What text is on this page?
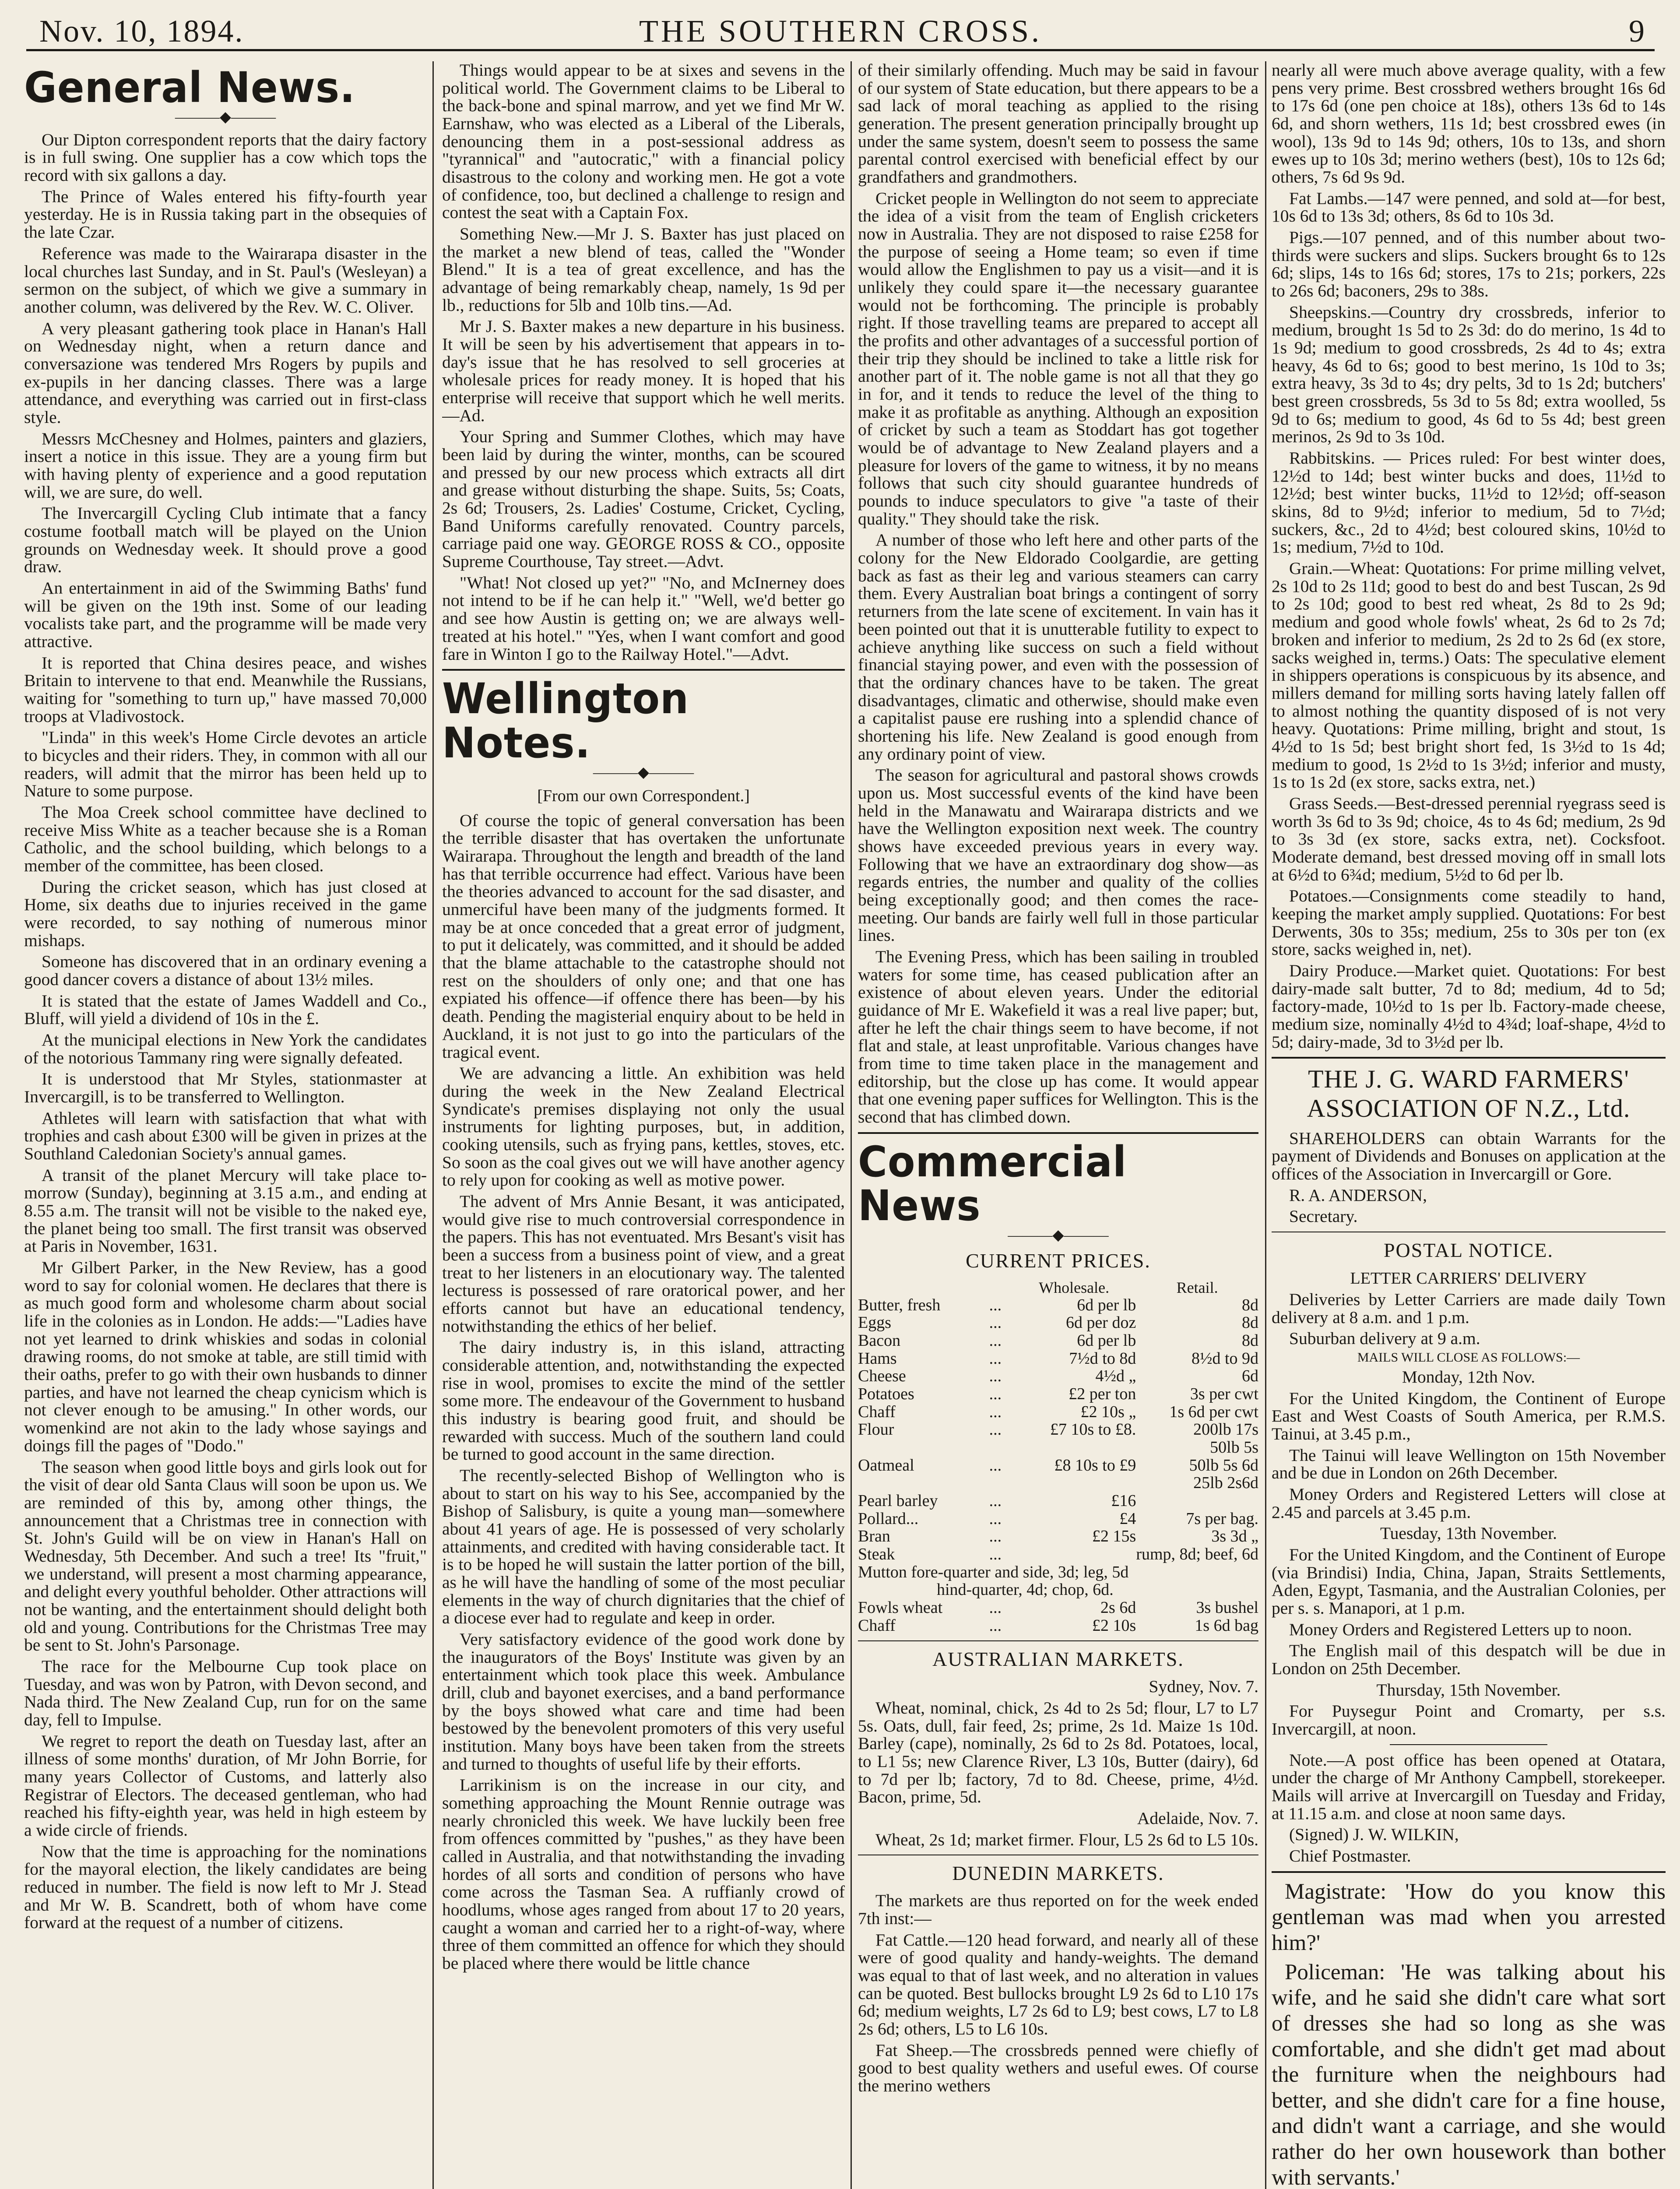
Nov. 10, 1894.	THE SOUTHERN CROSS.	9
General News.
———◆———

Our Dipton correspondent reports that the dairy factory is in full swing. One supplier has a cow which tops the record with six gallons a day.

The Prince of Wales entered his fifty-fourth year yesterday. He is in Russia taking part in the obsequies of the late Czar.

Reference was made to the Wairarapa disaster in the local churches last Sunday, and in St. Paul's (Wesleyan) a sermon on the subject, of which we give a summary in another column, was delivered by the Rev. W. C. Oliver.

A very pleasant gathering took place in Hanan's Hall on Wednesday night, when a return dance and conversazione was tendered Mrs Rogers by pupils and ex-pupils in her dancing classes. There was a large attendance, and everything was carried out in first-class style.

Messrs McChesney and Holmes, painters and glaziers, insert a notice in this issue. They are a young firm but with having plenty of experience and a good reputation will, we are sure, do well.

The Invercargill Cycling Club intimate that a fancy costume football match will be played on the Union grounds on Wednesday week. It should prove a good draw.

An entertainment in aid of the Swimming Baths' fund will be given on the 19th inst. Some of our leading vocalists take part, and the programme will be made very attractive.

It is reported that China desires peace, and wishes Britain to intervene to that end. Meanwhile the Russians, waiting for "something to turn up," have massed 70,000 troops at Vladivostock.

"Linda" in this week's Home Circle devotes an article to bicycles and their riders. They, in common with all our readers, will admit that the mirror has been held up to Nature to some purpose.

The Moa Creek school committee have declined to receive Miss White as a teacher because she is a Roman Catholic, and the school building, which belongs to a member of the committee, has been closed.

During the cricket season, which has just closed at Home, six deaths due to injuries received in the game were recorded, to say nothing of numerous minor mishaps.

Someone has discovered that in an ordinary evening a good dancer covers a distance of about 13½ miles.

It is stated that the estate of James Waddell and Co., Bluff, will yield a dividend of 10s in the £.

At the municipal elections in New York the candidates of the notorious Tammany ring were signally defeated.

It is understood that Mr Styles, stationmaster at Invercargill, is to be transferred to Wellington.

Athletes will learn with satisfaction that what with trophies and cash about £300 will be given in prizes at the Southland Caledonian Society's annual games.

A transit of the planet Mercury will take place to-morrow (Sunday), beginning at 3.15 a.m., and ending at 8.55 a.m. The transit will not be visible to the naked eye, the planet being too small. The first transit was observed at Paris in November, 1631.

Mr Gilbert Parker, in the New Review, has a good word to say for colonial women. He declares that there is as much good form and wholesome charm about social life in the colonies as in London. He adds:—"Ladies have not yet learned to drink whiskies and sodas in colonial drawing rooms, do not smoke at table, are still timid with their oaths, prefer to go with their own husbands to dinner parties, and have not learned the cheap cynicism which is not clever enough to be amusing." In other words, our womenkind are not akin to the lady whose sayings and doings fill the pages of "Dodo."

The season when good little boys and girls look out for the visit of dear old Santa Claus will soon be upon us. We are reminded of this by, among other things, the announcement that a Christmas tree in connection with St. John's Guild will be on view in Hanan's Hall on Wednesday, 5th December. And such a tree! Its "fruit," we understand, will present a most charming appearance, and delight every youthful beholder. Other attractions will not be wanting, and the entertainment should delight both old and young. Contributions for the Christmas Tree may be sent to St. John's Parsonage.

The race for the Melbourne Cup took place on Tuesday, and was won by Patron, with Devon second, and Nada third. The New Zealand Cup, run for on the same day, fell to Impulse.

We regret to report the death on Tuesday last, after an illness of some months' duration, of Mr John Borrie, for many years Collector of Customs, and latterly also Registrar of Electors. The deceased gentleman, who had reached his fifty-eighth year, was held in high esteem by a wide circle of friends.

Now that the time is approaching for the nominations for the mayoral election, the likely candidates are being reduced in number. The field is now left to Mr J. Stead and Mr W. B. Scandrett, both of whom have come forward at the request of a number of citizens.

Things would appear to be at sixes and sevens in the political world. The Government claims to be Liberal to the back-bone and spinal marrow, and yet we find Mr W. Earnshaw, who was elected as a Liberal of the Liberals, denouncing them in a post-sessional address as "tyrannical" and "autocratic," with a financial policy disastrous to the colony and working men. He got a vote of confidence, too, but declined a challenge to resign and contest the seat with a Captain Fox.

Something New.—Mr J. S. Baxter has just placed on the market a new blend of teas, called the "Wonder Blend." It is a tea of great excellence, and has the advantage of being remarkably cheap, namely, 1s 9d per lb., reductions for 5lb and 10lb tins.—Ad.

Mr J. S. Baxter makes a new departure in his business. It will be seen by his advertisement that appears in to-day's issue that he has resolved to sell groceries at wholesale prices for ready money. It is hoped that his enterprise will receive that support which he well merits.—Ad.

Your Spring and Summer Clothes, which may have been laid by during the winter, months, can be scoured and pressed by our new process which extracts all dirt and grease without disturbing the shape. Suits, 5s; Coats, 2s 6d; Trousers, 2s. Ladies' Costume, Cricket, Cycling, Band Uniforms carefully renovated. Country parcels, carriage paid one way. GEORGE ROSS & CO., opposite Supreme Courthouse, Tay street.—Advt.

"What! Not closed up yet?" "No, and McInerney does not intend to be if he can help it." "Well, we'd better go and see how Austin is getting on; we are always well-treated at his hotel." "Yes, when I want comfort and good fare in Winton I go to the Railway Hotel."—Advt.

Wellington Notes.
———◆———
[From our own Correspondent.]

Of course the topic of general conversation has been the terrible disaster that has overtaken the unfortunate Wairarapa. Throughout the length and breadth of the land has that terrible occurrence had effect. Various have been the theories advanced to account for the sad disaster, and unmerciful have been many of the judgments formed. It may be at once conceded that a great error of judgment, to put it delicately, was committed, and it should be added that the blame attachable to the catastrophe should not rest on the shoulders of only one; and that one has expiated his offence—if offence there has been—by his death. Pending the magisterial enquiry about to be held in Auckland, it is not just to go into the particulars of the tragical event.

We are advancing a little. An exhibition was held during the week in the New Zealand Electrical Syndicate's premises displaying not only the usual instruments for lighting purposes, but, in addition, cooking utensils, such as frying pans, kettles, stoves, etc. So soon as the coal gives out we will have another agency to rely upon for cooking as well as motive power.

The advent of Mrs Annie Besant, it was anticipated, would give rise to much controversial correspondence in the papers. This has not eventuated. Mrs Besant's visit has been a success from a business point of view, and a great treat to her listeners in an elocutionary way. The talented lecturess is possessed of rare oratorical power, and her efforts cannot but have an educational tendency, notwithstanding the ethics of her belief.

The dairy industry is, in this island, attracting considerable attention, and, notwithstanding the expected rise in wool, promises to excite the mind of the settler some more. The endeavour of the Government to husband this industry is bearing good fruit, and should be rewarded with success. Much of the southern land could be turned to good account in the same direction.

The recently-selected Bishop of Wellington who is about to start on his way to his See, accompanied by the Bishop of Salisbury, is quite a young man—somewhere about 41 years of age. He is possessed of very scholarly attainments, and credited with having considerable tact. It is to be hoped he will sustain the latter portion of the bill, as he will have the handling of some of the most peculiar elements in the way of church dignitaries that the chief of a diocese ever had to regulate and keep in order.

Very satisfactory evidence of the good work done by the inaugurators of the Boys' Institute was given by an entertainment which took place this week. Ambulance drill, club and bayonet exercises, and a band performance by the boys showed what care and time had been bestowed by the benevolent promoters of this very useful institution. Many boys have been taken from the streets and turned to thoughts of useful life by their efforts.

Larrikinism is on the increase in our city, and something approaching the Mount Rennie outrage was nearly chronicled this week. We have luckily been free from offences committed by "pushes," as they have been called in Australia, and that notwithstanding the invading hordes of all sorts and condition of persons who have come across the Tasman Sea. A ruffianly crowd of hoodlums, whose ages ranged from about 17 to 20 years, caught a woman and carried her to a right-of-way, where three of them committed an offence for which they should be placed where there would be little chance

of their similarly offending. Much may be said in favour of our system of State education, but there appears to be a sad lack of moral teaching as applied to the rising generation. The present generation principally brought up under the same system, doesn't seem to possess the same parental control exercised with beneficial effect by our grandfathers and grandmothers.

Cricket people in Wellington do not seem to appreciate the idea of a visit from the team of English cricketers now in Australia. They are not disposed to raise £258 for the purpose of seeing a Home team; so even if time would allow the Englishmen to pay us a visit—and it is unlikely they could spare it—the necessary guarantee would not be forthcoming. The principle is probably right. If those travelling teams are prepared to accept all the profits and other advantages of a successful portion of their trip they should be inclined to take a little risk for another part of it. The noble game is not all that they go in for, and it tends to reduce the level of the thing to make it as profitable as anything. Although an exposition of cricket by such a team as Stoddart has got together would be of advantage to New Zealand players and a pleasure for lovers of the game to witness, it by no means follows that such city should guarantee hundreds of pounds to induce speculators to give "a taste of their quality." They should take the risk.

A number of those who left here and other parts of the colony for the New Eldorado Coolgardie, are getting back as fast as their leg and various steamers can carry them. Every Australian boat brings a contingent of sorry returners from the late scene of excitement. In vain has it been pointed out that it is unutterable futility to expect to achieve anything like success on such a field without financial staying power, and even with the possession of that the ordinary chances have to be taken. The great disadvantages, climatic and otherwise, should make even a capitalist pause ere rushing into a splendid chance of shortening his life. New Zealand is good enough from any ordinary point of view.

The season for agricultural and pastoral shows crowds upon us. Most successful events of the kind have been held in the Manawatu and Wairarapa districts and we have the Wellington exposition next week. The country shows have exceeded previous years in every way. Following that we have an extraordinary dog show—as regards entries, the number and quality of the collies being exceptionally good; and then comes the race-meeting. Our bands are fairly well full in those particular lines.

The Evening Press, which has been sailing in troubled waters for some time, has ceased publication after an existence of about eleven years. Under the editorial guidance of Mr E. Wakefield it was a real live paper; but, after he left the chair things seem to have become, if not flat and stale, at least unprofitable. Various changes have from time to time taken place in the management and editorship, but the close up has come. It would appear that one evening paper suffices for Wellington. This is the second that has climbed down.

Commercial News
———◆———
CURRENT PRICES.
		Wholesale.	Retail.
Butter, fresh	...	6d per lb	8d
Eggs	...	6d per doz	8d
Bacon	...	6d per lb	8d
Hams	...	7½d to 8d	8½d to 9d
Cheese	...	4½d „	6d
Potatoes	...	£2 per ton	3s per cwt
Chaff	...	£2 10s „	1s 6d per cwt
Flour	...	£7 10s to £8.	200lb 17s
			50lb 5s
Oatmeal	...	£8 10s to £9	50lb 5s 6d
			25lb 2s6d
Pearl barley	...	£16	
Pollard...	...	£4	7s per bag.
Bran	...	£2 15s	3s 3d „
Steak	...		rump, 8d; beef, 6d
Mutton fore-quarter and side, 3d; leg, 5d			
hind-quarter, 4d; chop, 6d.			
Fowls wheat	...	2s 6d	3s bushel
Chaff	...	£2 10s	1s 6d bag
AUSTRALIAN MARKETS.

Sydney, Nov. 7.

Wheat, nominal, chick, 2s 4d to 2s 5d; flour, L7 to L7 5s. Oats, dull, fair feed, 2s; prime, 2s 1d. Maize 1s 10d. Barley (cape), nominally, 2s 6d to 2s 8d. Potatoes, local, to L1 5s; new Clarence River, L3 10s, Butter (dairy), 6d to 7d per lb; factory, 7d to 8d. Cheese, prime, 4½d. Bacon, prime, 5d.

Adelaide, Nov. 7.

Wheat, 2s 1d; market firmer. Flour, L5 2s 6d to L5 10s.

DUNEDIN MARKETS.

The markets are thus reported on for the week ended 7th inst:—

Fat Cattle.—120 head forward, and nearly all of these were of good quality and handy-weights. The demand was equal to that of last week, and no alteration in values can be quoted. Best bullocks brought L9 2s 6d to L10 17s 6d; medium weights, L7 2s 6d to L9; best cows, L7 to L8 2s 6d; others, L5 to L6 10s.

Fat Sheep.—The crossbreds penned were chiefly of good to best quality wethers and useful ewes. Of course the merino wethers

nearly all were much above average quality, with a few pens very prime. Best crossbred wethers brought 16s 6d to 17s 6d (one pen choice at 18s), others 13s 6d to 14s 6d, and shorn wethers, 11s 1d; best crossbred ewes (in wool), 13s 9d to 14s 9d; others, 10s to 13s, and shorn ewes up to 10s 3d; merino wethers (best), 10s to 12s 6d; others, 7s 6d 9s 9d.

Fat Lambs.—147 were penned, and sold at—for best, 10s 6d to 13s 3d; others, 8s 6d to 10s 3d.

Pigs.—107 penned, and of this number about two-thirds were suckers and slips. Suckers brought 6s to 12s 6d; slips, 14s to 16s 6d; stores, 17s to 21s; porkers, 22s to 26s 6d; baconers, 29s to 38s.

Sheepskins.—Country dry crossbreds, inferior to medium, brought 1s 5d to 2s 3d: do do merino, 1s 4d to 1s 9d; medium to good crossbreds, 2s 4d to 4s; extra heavy, 4s 6d to 6s; good to best merino, 1s 10d to 3s; extra heavy, 3s 3d to 4s; dry pelts, 3d to 1s 2d; butchers' best green crossbreds, 5s 3d to 5s 8d; extra woolled, 5s 9d to 6s; medium to good, 4s 6d to 5s 4d; best green merinos, 2s 9d to 3s 10d.

Rabbitskins. — Prices ruled: For best winter does, 12½d to 14d; best winter bucks and does, 11½d to 12½d; best winter bucks, 11½d to 12½d; off-season skins, 8d to 9½d; inferior to medium, 5d to 7½d; suckers, &c., 2d to 4½d; best coloured skins, 10½d to 1s; medium, 7½d to 10d.

Grain.—Wheat: Quotations: For prime milling velvet, 2s 10d to 2s 11d; good to best do and best Tuscan, 2s 9d to 2s 10d; good to best red wheat, 2s 8d to 2s 9d; medium and good whole fowls' wheat, 2s 6d to 2s 7d; broken and inferior to medium, 2s 2d to 2s 6d (ex store, sacks weighed in, terms.) Oats: The speculative element in shippers operations is conspicuous by its absence, and millers demand for milling sorts having lately fallen off to almost nothing the quantity disposed of is not very heavy. Quotations: Prime milling, bright and stout, 1s 4½d to 1s 5d; best bright short fed, 1s 3½d to 1s 4d; medium to good, 1s 2½d to 1s 3½d; inferior and musty, 1s to 1s 2d (ex store, sacks extra, net.)

Grass Seeds.—Best-dressed perennial ryegrass seed is worth 3s 6d to 3s 9d; choice, 4s to 4s 6d; medium, 2s 9d to 3s 3d (ex store, sacks extra, net). Cocksfoot. Moderate demand, best dressed moving off in small lots at 6½d to 6¾d; medium, 5½d to 6d per lb.

Potatoes.—Consignments come steadily to hand, keeping the market amply supplied. Quotations: For best Derwents, 30s to 35s; medium, 25s to 30s per ton (ex store, sacks weighed in, net).

Dairy Produce.—Market quiet. Quotations: For best dairy-made salt butter, 7d to 8d; medium, 4d to 5d; factory-made, 10½d to 1s per lb. Factory-made cheese, medium size, nominally 4½d to 4¾d; loaf-shape, 4½d to 5d; dairy-made, 3d to 3½d per lb.

THE J. G. WARD FARMERS' ASSOCIATION OF N.Z., Ltd.

SHAREHOLDERS can obtain Warrants for the payment of Dividends and Bonuses on application at the offices of the Association in Invercargill or Gore.

R. A. ANDERSON,

Secretary.

POSTAL NOTICE.
LETTER CARRIERS' DELIVERY

Deliveries by Letter Carriers are made daily Town delivery at 8 a.m. and 1 p.m.

Suburban delivery at 9 a.m.

MAILS WILL CLOSE AS FOLLOWS:—

Monday, 12th Nov.

For the United Kingdom, the Continent of Europe East and West Coasts of South America, per R.M.S. Tainui, at 3.45 p.m.,

The Tainui will leave Wellington on 15th November and be due in London on 26th December.

Money Orders and Registered Letters will close at 2.45 and parcels at 3.45 p.m.

Tuesday, 13th November.

For the United Kingdom, and the Continent of Europe (via Brindisi) India, China, Japan, Straits Settlements, Aden, Egypt, Tasmania, and the Australian Colonies, per per s. s. Manapori, at 1 p.m.

Money Orders and Registered Letters up to noon.

The English mail of this despatch will be due in London on 25th December.

Thursday, 15th November.

For Puysegur Point and Cromarty, per s.s. Invercargill, at noon.

Note.—A post office has been opened at Otatara, under the charge of Mr Anthony Campbell, storekeeper. Mails will arrive at Invercargill on Tuesday and Friday, at 11.15 a.m. and close at noon same days.

(Signed) J. W. WILKIN,

Chief Postmaster.

Magistrate: 'How do you know this gentleman was mad when you arrested him?'

Policeman: 'He was talking about his wife, and he said she didn't care what sort of dresses she had so long as she was comfortable, and she didn't get mad about the furniture when the neighbours had better, and she didn't care for a fine house, and didn't want a carriage, and she would rather do her own housework than bother with servants.'
